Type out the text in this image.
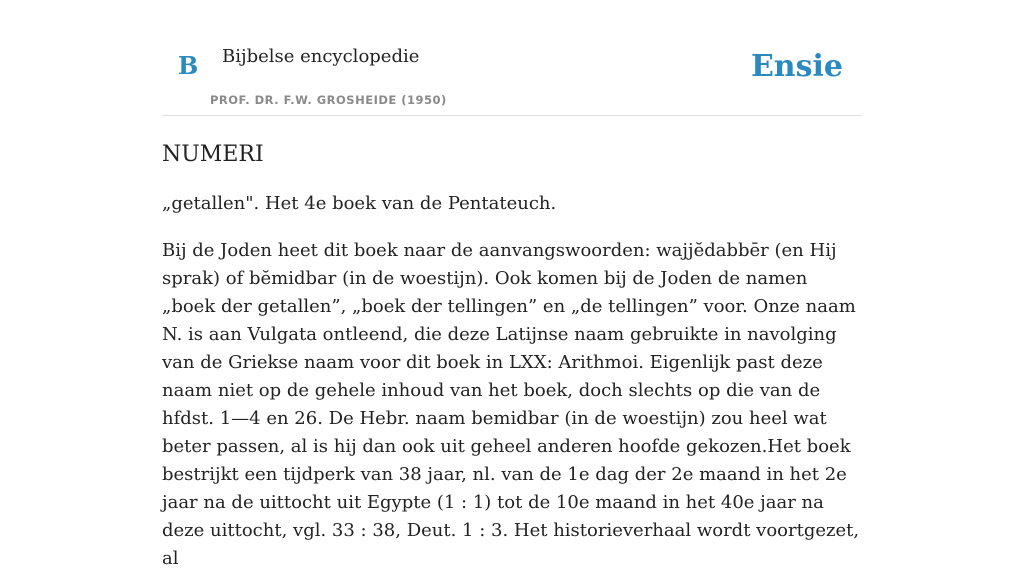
B Bijbelse encyclopedie
PROF. DR. F.W. GROSHEIDE (1950)
Ensie
NUMERI

„getallen". Het 4e boek van de Pentateuch.

Bij de Joden heet dit boek naar de aanvangswoorden: wajjĕdabbēr (en Hij sprak) of bĕmidbar (in de woestijn). Ook komen bij de Joden de namen „boek der getallen”, „boek der tellingen” en „de tellingen” voor. Onze naam N. is aan Vulgata ontleend, die deze Latijnse naam gebruikte in navolging van de Griekse naam voor dit boek in LXX: Arithmoi. Eigenlijk past deze naam niet op de gehele inhoud van het boek, doch slechts op die van de hfdst. 1—4 en 26. De Hebr. naam bemidbar (in de woestijn) zou heel wat beter passen, al is hij dan ook uit geheel anderen hoofde gekozen.Het boek bestrijkt een tijdperk van 38 jaar, nl. van de 1e dag der 2e maand in het 2e jaar na de uittocht uit Egypte (1 : 1) tot de 10e maand in het 40e jaar na deze uittocht, vgl. 33 : 38, Deut. 1 : 3. Het historieverhaal wordt voortgezet, al
